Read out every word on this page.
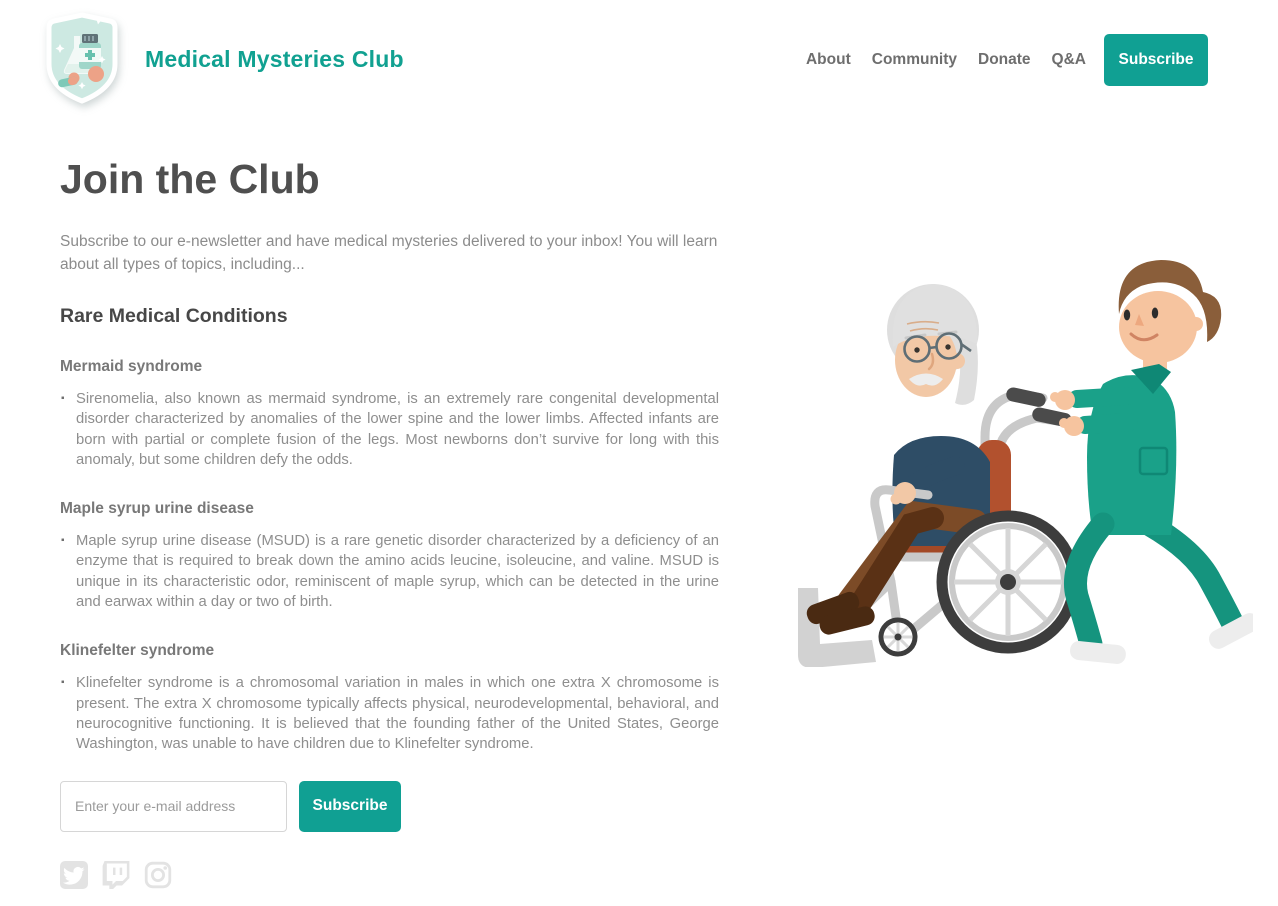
Medical Mysteries Club	About Community Donate Q&A	Subscribe
Join the Club

Subscribe to our e-newsletter and have medical mysteries delivered to your inbox! You will learn about all types of topics, including...

Rare Medical Conditions
Mermaid syndrome
▪ Sirenomelia, also known as mermaid syndrome, is an extremely rare congenital developmental disorder characterized by anomalies of the lower spine and the lower limbs. Affected infants are born with partial or complete fusion of the legs. Most newborns don’t survive for long with this anomaly, but some children defy the odds.
Maple syrup urine disease
▪ Maple syrup urine disease (MSUD) is a rare genetic disorder characterized by a deficiency of an enzyme that is required to break down the amino acids leucine, isoleucine, and valine. MSUD is unique in its characteristic odor, reminiscent of maple syrup, which can be detected in the urine and earwax within a day or two of birth.
Klinefelter syndrome
▪ Klinefelter syndrome is a chromosomal variation in males in which one extra X chromosome is present. The extra X chromosome typically affects physical, neurodevelopmental, behavioral, and neurocognitive functioning. It is believed that the founding father of the United States, George Washington, was unable to have children due to Klinefelter syndrome.
Enter your e-mail address
Subscribe
